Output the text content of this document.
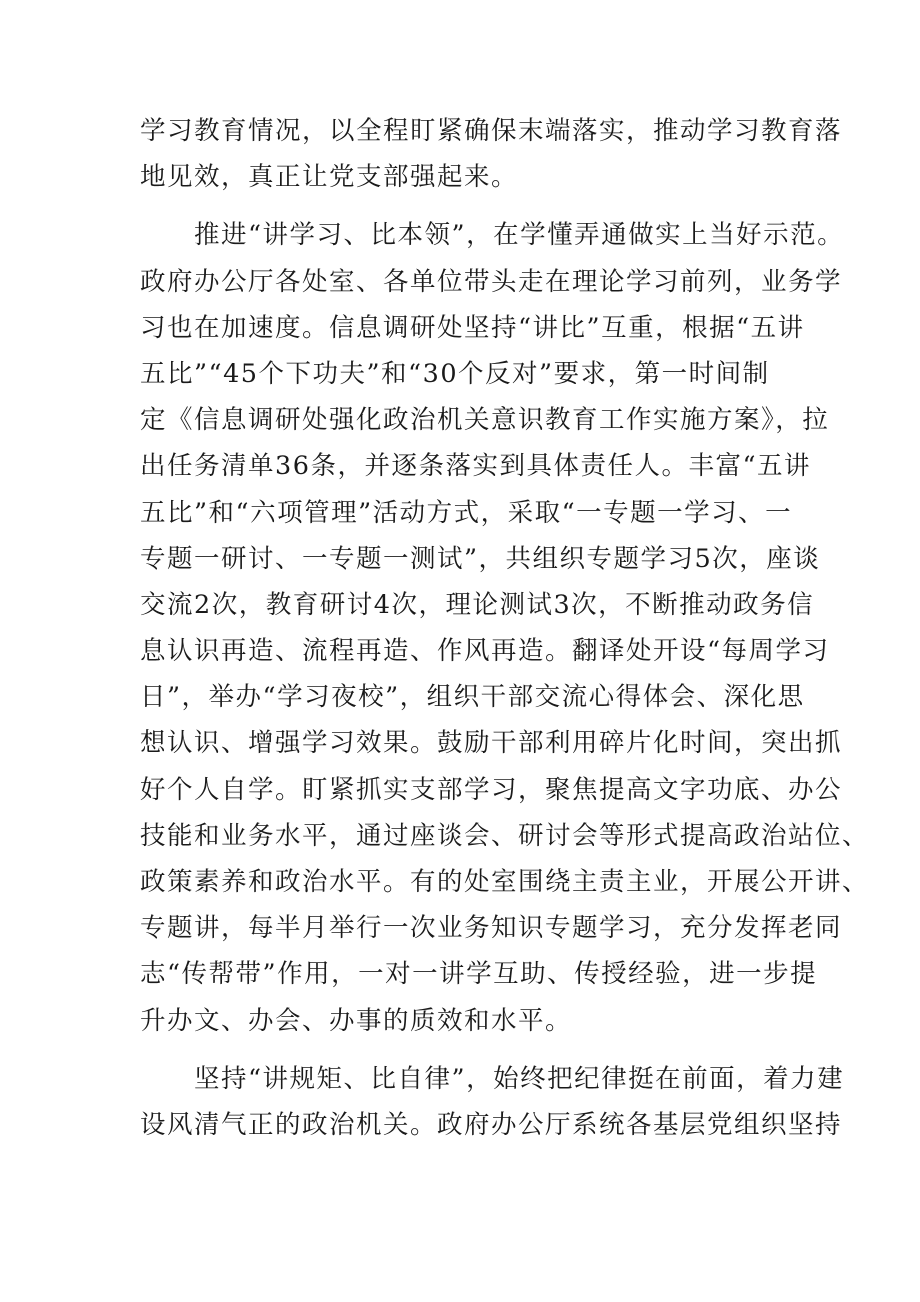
学习教育情况，以全程盯紧确保末端落实，推动学习教育落
地见效，真正让党支部强起来。
　　推进“讲学习、比本领”，在学懂弄通做实上当好示范。
政府办公厅各处室、各单位带头走在理论学习前列，业务学
习也在加速度。信息调研处坚持“讲比”互重，根据“五讲
五比”“45个下功夫”和“30个反对”要求，第一时间制
定《信息调研处强化政治机关意识教育工作实施方案》，拉
出任务清单36条，并逐条落实到具体责任人。丰富“五讲
五比”和“六项管理”活动方式，采取“一专题一学习、一
专题一研讨、一专题一测试”，共组织专题学习5次，座谈
交流2次，教育研讨4次，理论测试3次，不断推动政务信
息认识再造、流程再造、作风再造。翻译处开设“每周学习
日”，举办“学习夜校”，组织干部交流心得体会、深化思
想认识、增强学习效果。鼓励干部利用碎片化时间，突出抓
好个人自学。盯紧抓实支部学习，聚焦提高文字功底、办公
技能和业务水平，通过座谈会、研讨会等形式提高政治站位、
政策素养和政治水平。有的处室围绕主责主业，开展公开讲、
专题讲，每半月举行一次业务知识专题学习，充分发挥老同
志“传帮带”作用，一对一讲学互助、传授经验，进一步提
升办文、办会、办事的质效和水平。
　　坚持“讲规矩、比自律”，始终把纪律挺在前面，着力建
设风清气正的政治机关。政府办公厅系统各基层党组织坚持
